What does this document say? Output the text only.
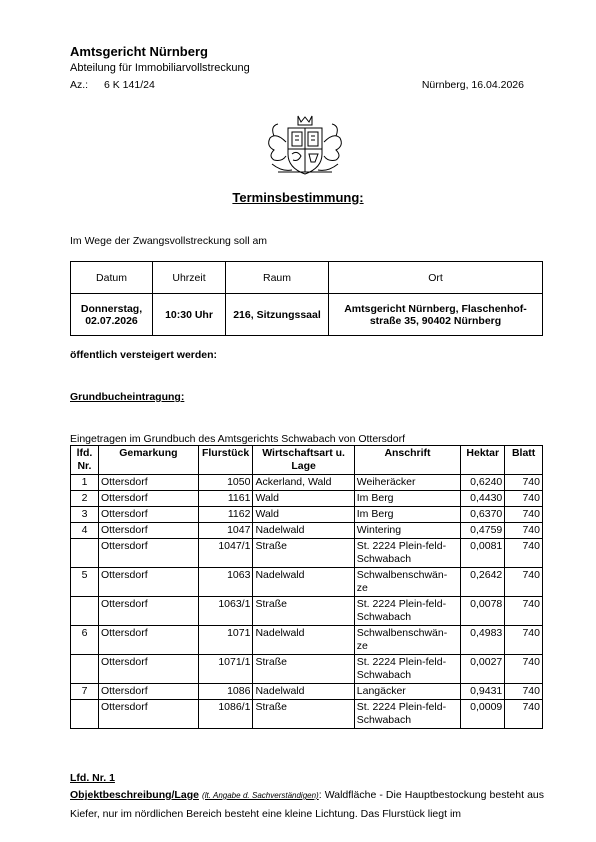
Amtsgericht Nürnberg
Abteilung für Immobiliarvollstreckung
Az.: 6 K 141/24	Nürnberg, 16.04.2026
Terminsbestimmung:
Im Wege der Zwangsvollstreckung soll am
Datum	Uhrzeit	Raum	Ort
Donnerstag, 02.07.2026	10:30 Uhr	216, Sitzungssaal	Amtsgericht Nürnberg, Flaschenhof-straße 35, 90402 Nürnberg
öffentlich versteigert werden:
Grundbucheintragung:
Eingetragen im Grundbuch des Amtsgerichts Schwabach von Ottersdorf
lfd. Nr.	Gemarkung	Flurstück	Wirtschaftsart u. Lage	Anschrift	Hektar	Blatt
1	Ottersdorf	1050	Ackerland, Wald	Weiheräcker	0,6240	740
2	Ottersdorf	1161	Wald	Im Berg	0,4430	740
3	Ottersdorf	1162	Wald	Im Berg	0,6370	740
4	Ottersdorf	1047	Nadelwald	Wintering	0,4759	740
	Ottersdorf	1047/1	Straße	St. 2224 Plein-feld-Schwabach	0,0081	740
5	Ottersdorf	1063	Nadelwald	Schwalbenschwän-ze	0,2642	740
	Ottersdorf	1063/1	Straße	St. 2224 Plein-feld-Schwabach	0,0078	740
6	Ottersdorf	1071	Nadelwald	Schwalbenschwän-ze	0,4983	740
	Ottersdorf	1071/1	Straße	St. 2224 Plein-feld-Schwabach	0,0027	740
7	Ottersdorf	1086	Nadelwald	Langäcker	0,9431	740
	Ottersdorf	1086/1	Straße	St. 2224 Plein-feld-Schwabach	0,0009	740
Lfd. Nr. 1
Objektbeschreibung/Lage (lt. Angabe d. Sachverständigen): Waldfläche - Die Hauptbestockung besteht aus Kiefer, nur im nördlichen Bereich besteht eine kleine Lichtung. Das Flurstück liegt im
